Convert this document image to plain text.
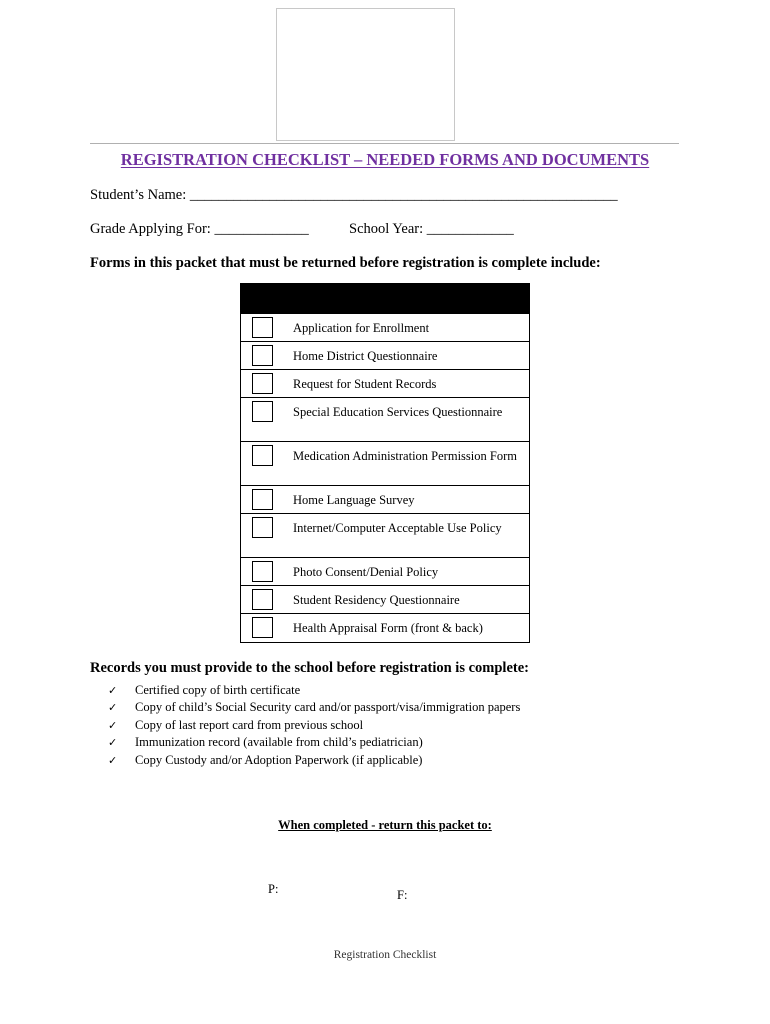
REGISTRATION CHECKLIST – NEEDED FORMS AND DOCUMENTS
Student’s Name: ___________________________________________________________
Grade Applying For: _____________	School Year: ____________
Forms in this packet that must be returned before registration is complete include:
Application for Enrollment
Home District Questionnaire
Request for Student Records
Special Education Services Questionnaire
Medication Administration Permission Form
Home Language Survey
Internet/Computer Acceptable Use Policy
Photo Consent/Denial Policy
Student Residency Questionnaire
Health Appraisal Form (front & back)
Records you must provide to the school before registration is complete:
✓	Certified copy of birth certificate
✓	Copy of child’s Social Security card and/or passport/visa/immigration papers
✓	Copy of last report card from previous school
✓	Immunization record (available from child’s pediatrician)
✓	Copy Custody and/or Adoption Paperwork (if applicable)
When completed - return this packet to:
P:	F:
Registration Checklist
